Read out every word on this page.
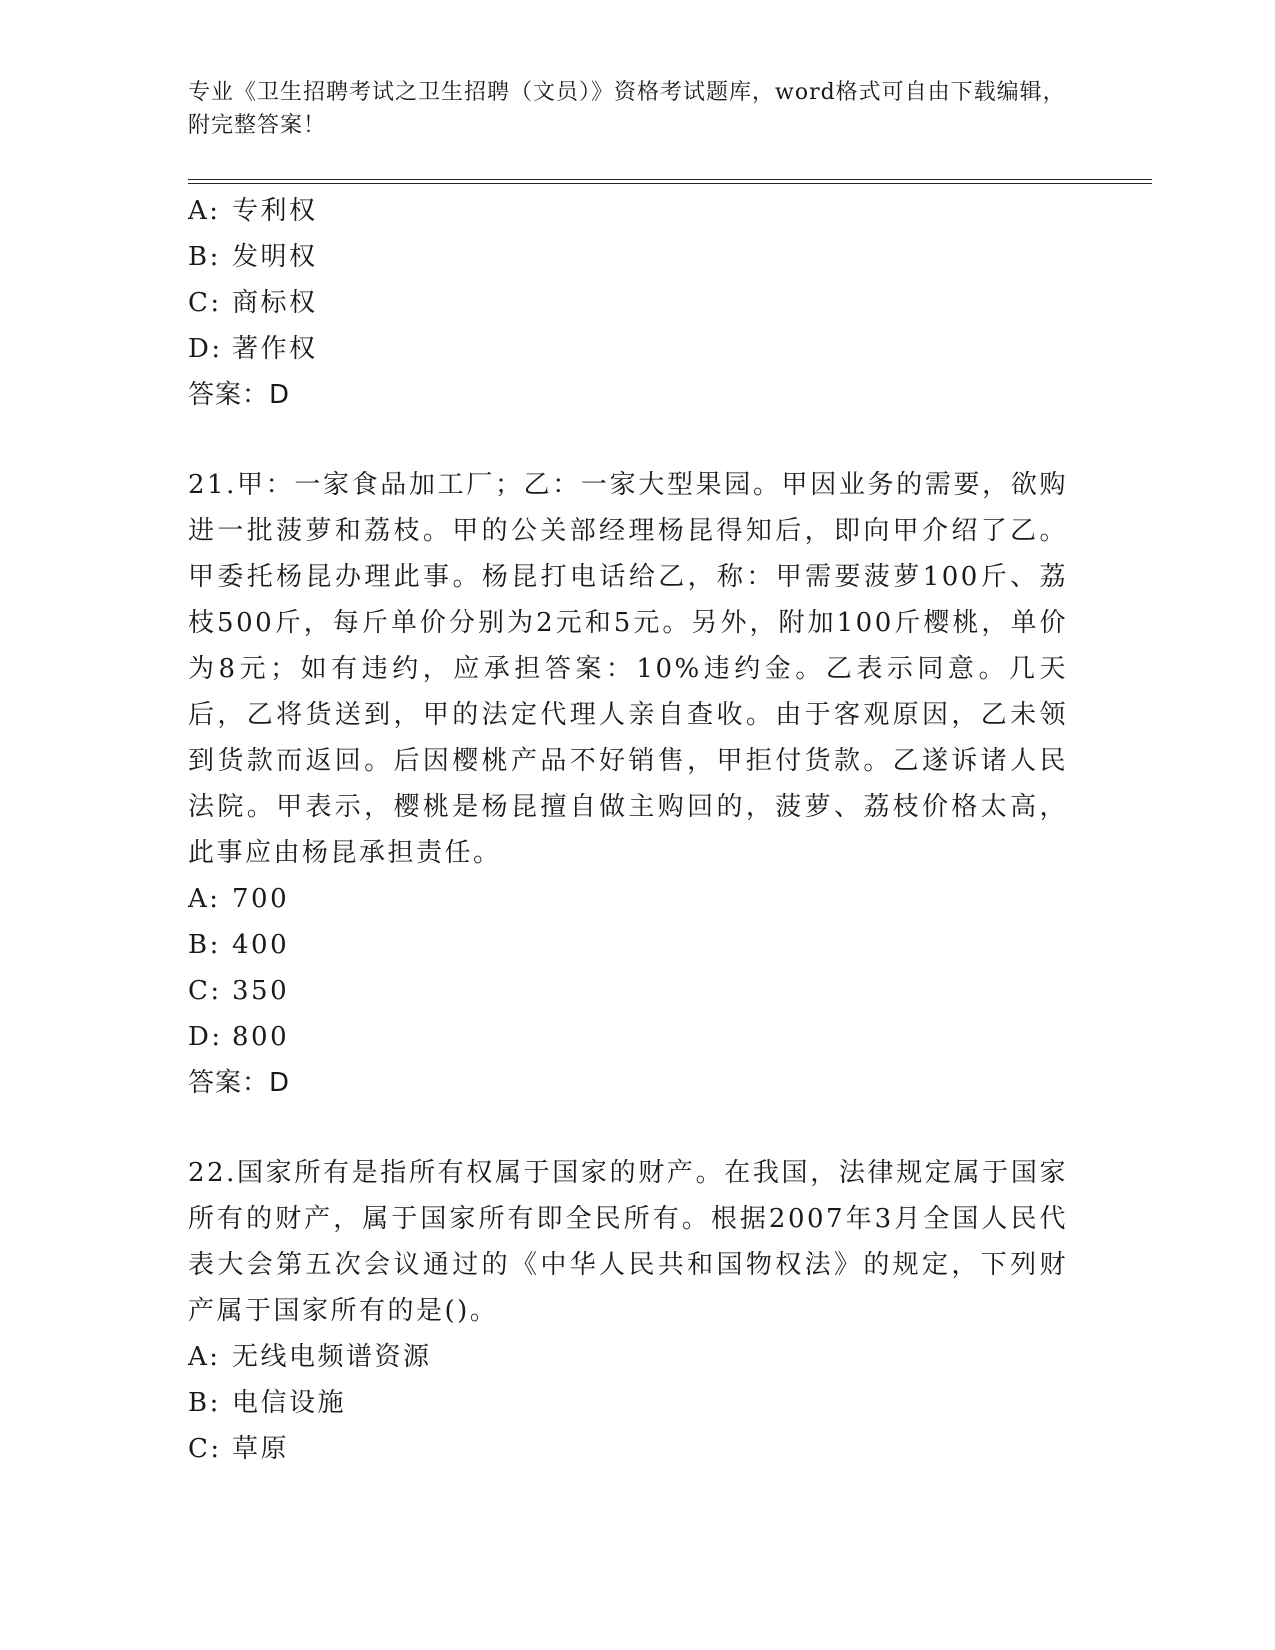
专业《卫生招聘考试之卫生招聘（文员）》资格考试题库，word格式可自由下载编辑，附完整答案！
A: 专利权
B: 发明权
C: 商标权
D: 著作权
答案：D
21.甲：一家食品加工厂；乙：一家大型果园。甲因业务的需要，欲购进一批菠萝和荔枝。甲的公关部经理杨昆得知后，即向甲介绍了乙。甲委托杨昆办理此事。杨昆打电话给乙，称：甲需要菠萝100斤、荔枝500斤，每斤单价分别为2元和5元。另外，附加100斤樱桃，单价为8元；如有违约，应承担答案：10%违约金。乙表示同意。几天后，乙将货送到，甲的法定代理人亲自查收。由于客观原因，乙未领到货款而返回。后因樱桃产品不好销售，甲拒付货款。乙遂诉诸人民法院。甲表示，樱桃是杨昆擅自做主购回的，菠萝、荔枝价格太高，此事应由杨昆承担责任。
A: 700
B: 400
C: 350
D: 800
答案：D
22.国家所有是指所有权属于国家的财产。在我国，法律规定属于国家所有的财产，属于国家所有即全民所有。根据2007年3月全国人民代表大会第五次会议通过的《中华人民共和国物权法》的规定，下列财产属于国家所有的是()。
A: 无线电频谱资源
B: 电信设施
C: 草原
